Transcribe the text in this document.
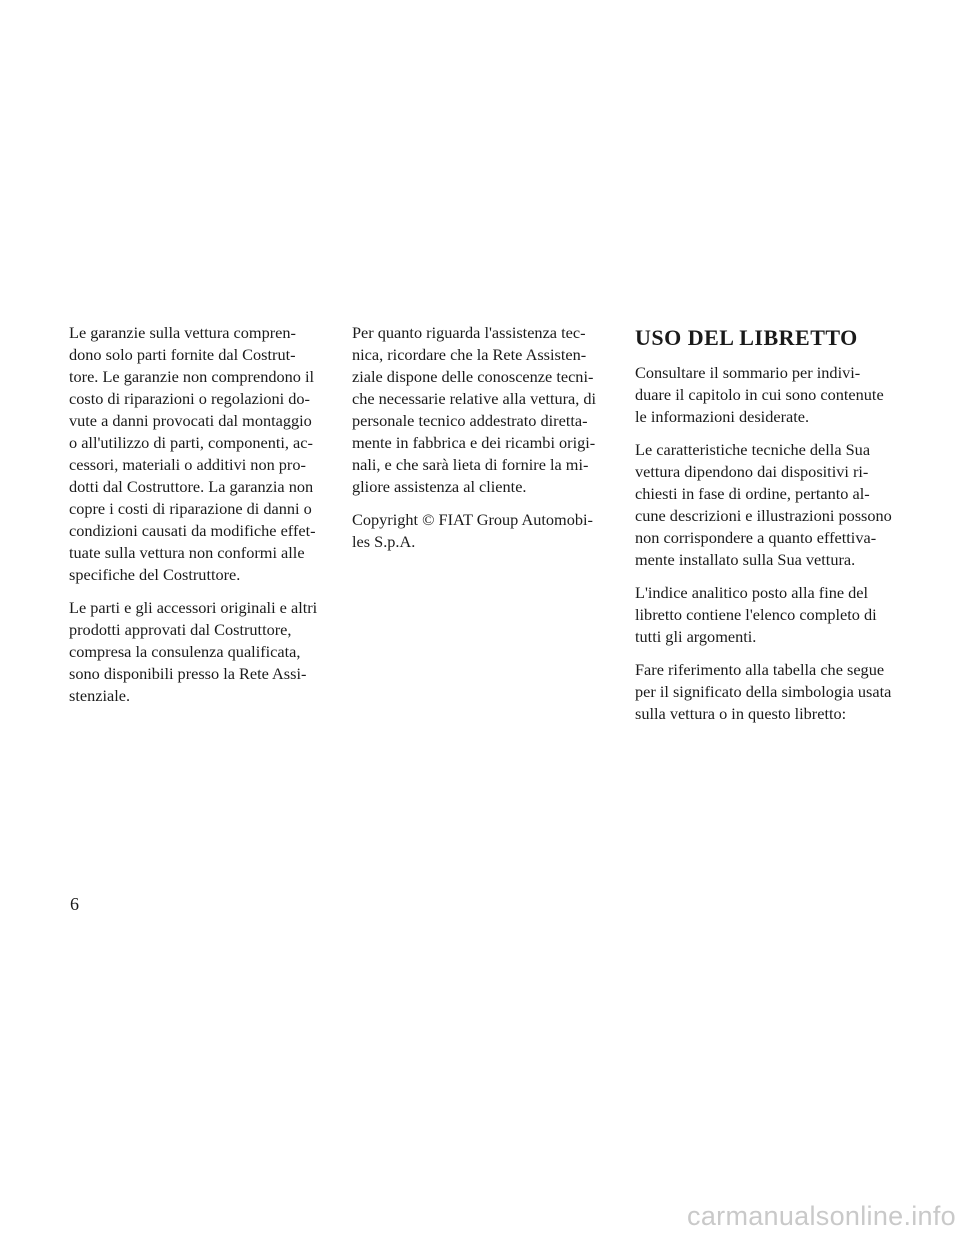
Le garanzie sulla vettura compren-
dono solo parti fornite dal Costrut-
tore. Le garanzie non comprendono il
costo di riparazioni o regolazioni do-
vute a danni provocati dal montaggio
o all'utilizzo di parti, componenti, ac-
cessori, materiali o additivi non pro-
dotti dal Costruttore. La garanzia non
copre i costi di riparazione di danni o
condizioni causati da modifiche effet-
tuate sulla vettura non conformi alle
specifiche del Costruttore.

Le parti e gli accessori originali e altri
prodotti approvati dal Costruttore,
compresa la consulenza qualificata,
sono disponibili presso la Rete Assi-
stenziale.

Per quanto riguarda l'assistenza tec-
nica, ricordare che la Rete Assisten-
ziale dispone delle conoscenze tecni-
che necessarie relative alla vettura, di
personale tecnico addestrato diretta-
mente in fabbrica e dei ricambi origi-
nali, e che sarà lieta di fornire la mi-
gliore assistenza al cliente.

Copyright © FIAT Group Automobi-
les S.p.A.

USO DEL LIBRETTO

Consultare il sommario per indivi-
duare il capitolo in cui sono contenute
le informazioni desiderate.

Le caratteristiche tecniche della Sua
vettura dipendono dai dispositivi ri-
chiesti in fase di ordine, pertanto al-
cune descrizioni e illustrazioni possono
non corrispondere a quanto effettiva-
mente installato sulla Sua vettura.

L'indice analitico posto alla fine del
libretto contiene l'elenco completo di
tutti gli argomenti.

Fare riferimento alla tabella che segue
per il significato della simbologia usata
sulla vettura o in questo libretto:

6
carmanualsonline.info
